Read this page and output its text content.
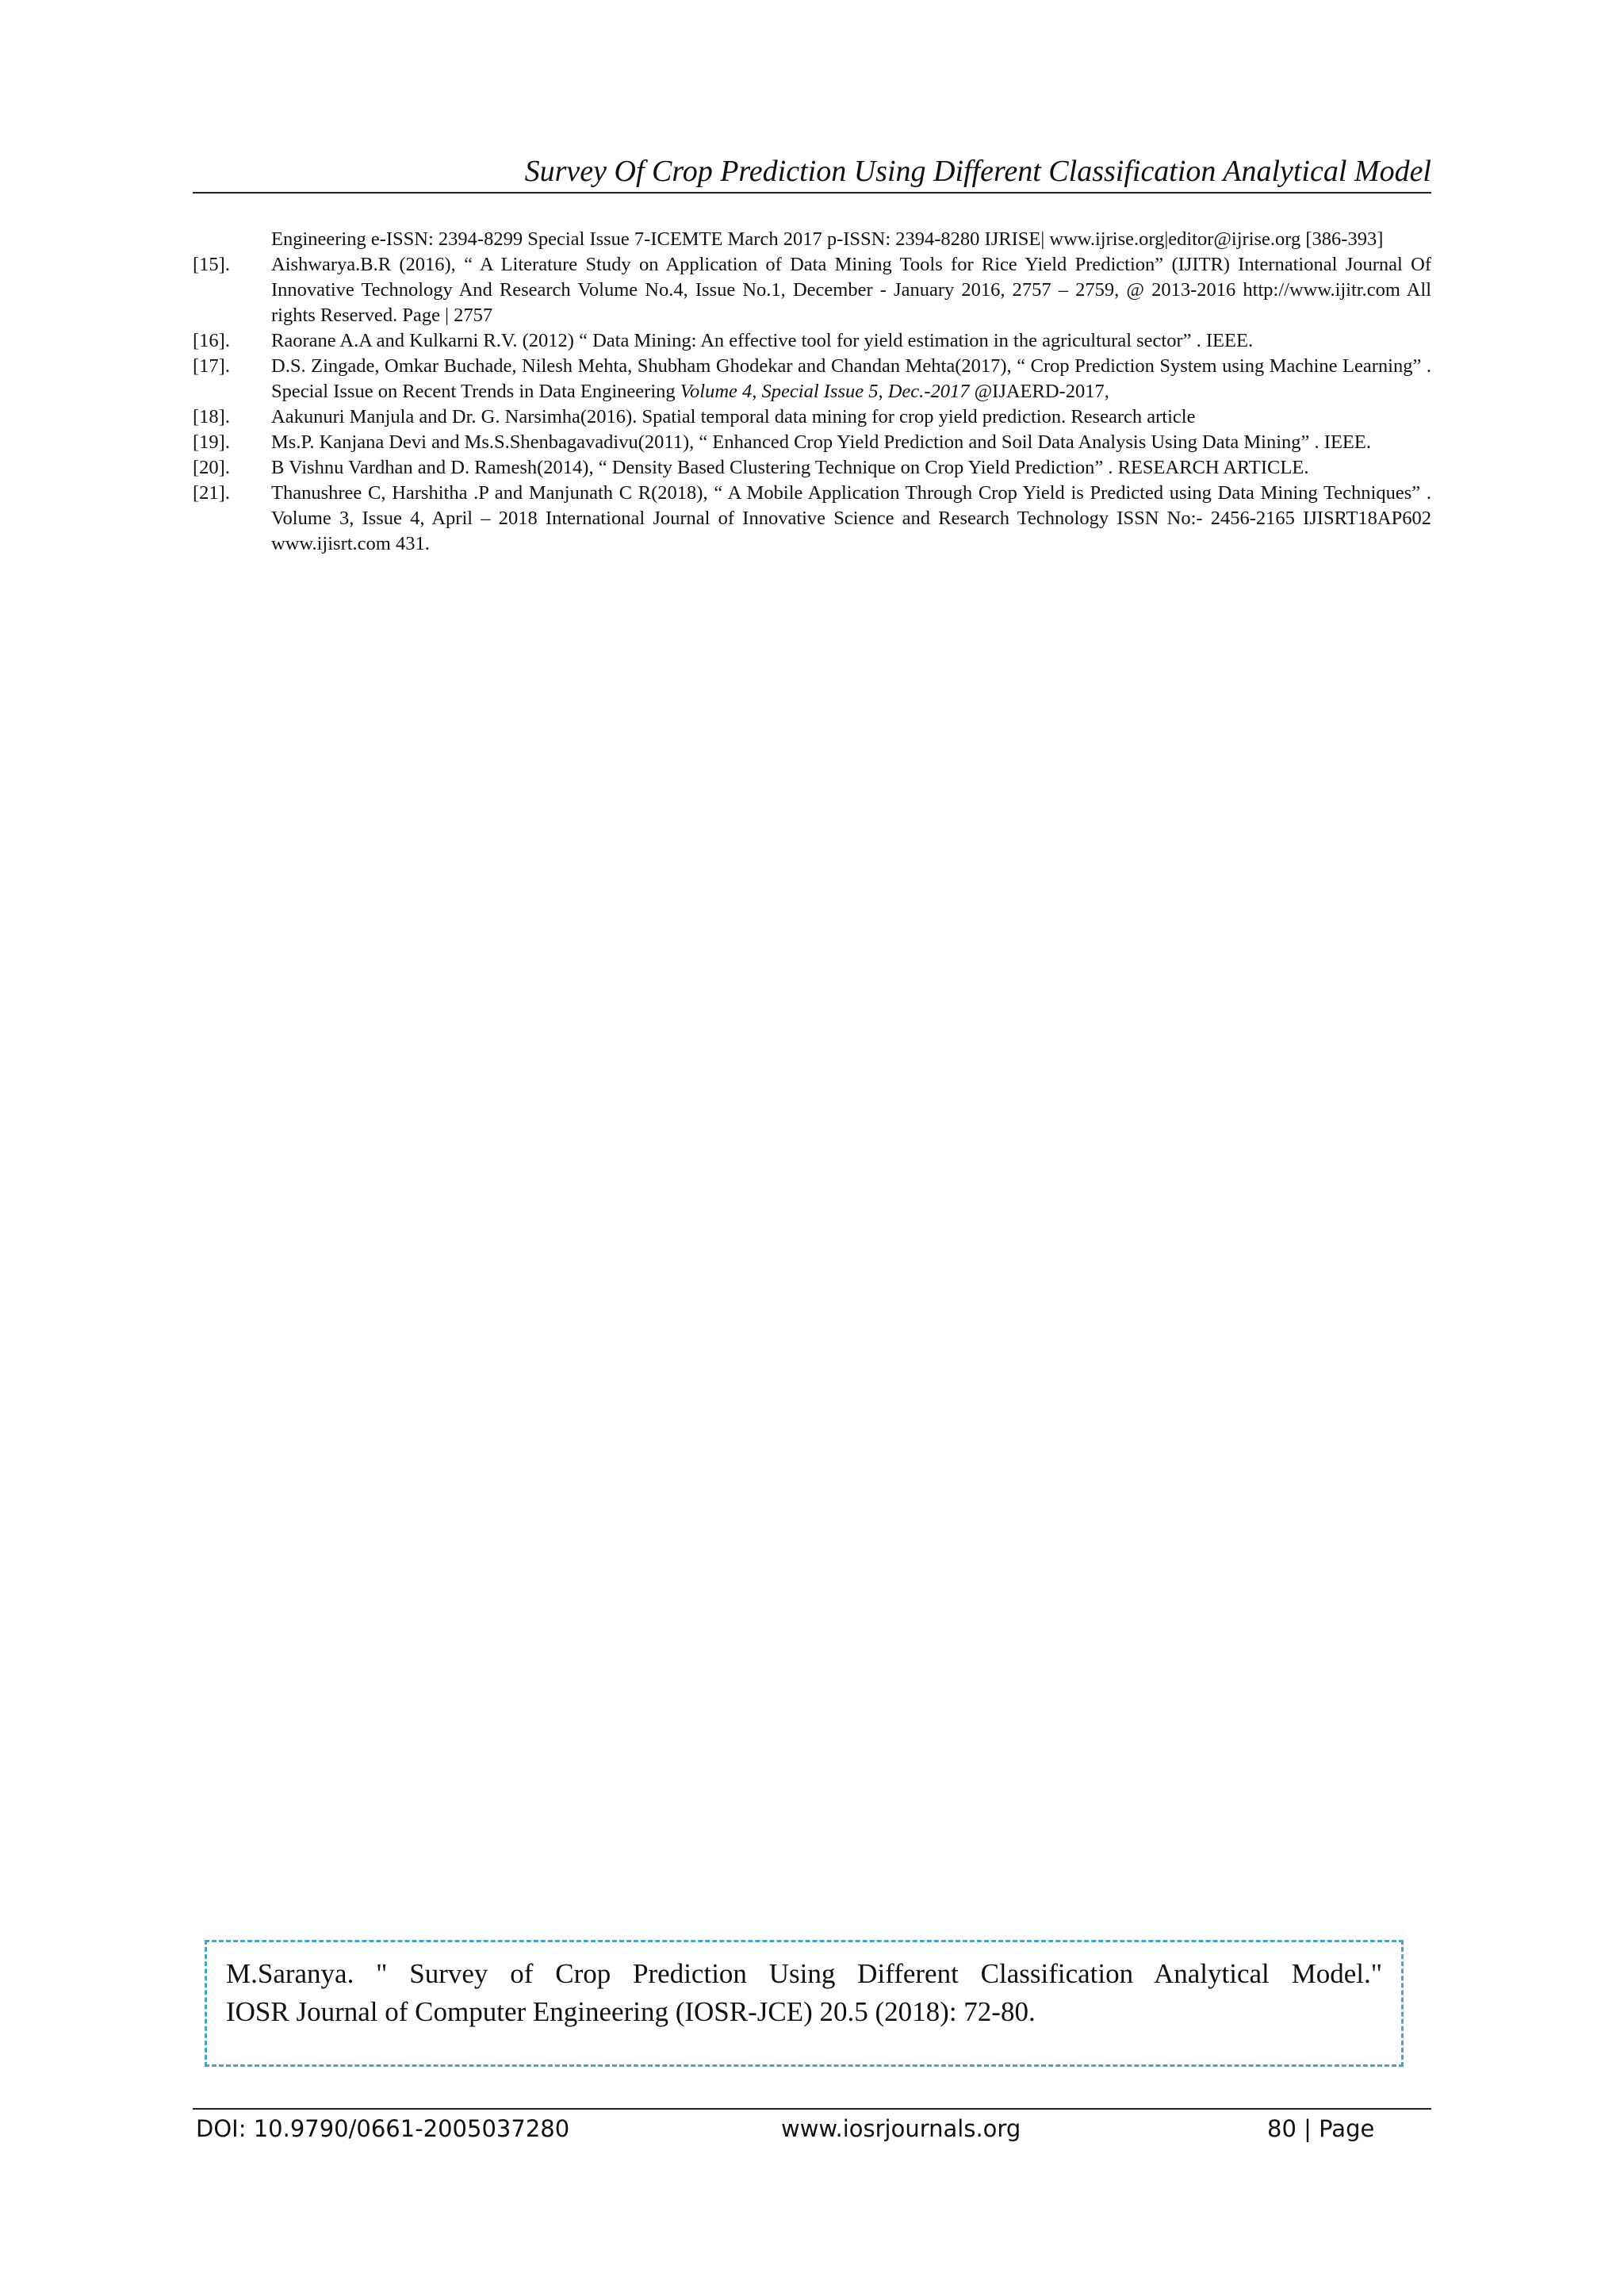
Survey Of Crop Prediction Using Different Classification Analytical Model
Engineering e-ISSN: 2394-8299 Special Issue 7-ICEMTE March 2017 p-ISSN: 2394-8280 IJRISE| www.ijrise.org|editor@ijrise.org [386-393]
[15]. Aishwarya.B.R (2016), “ A Literature Study on Application of Data Mining Tools for Rice Yield Prediction” (IJITR) International Journal Of Innovative Technology And Research Volume No.4, Issue No.1, December - January 2016, 2757 – 2759, @ 2013-2016 http://www.ijitr.com All rights Reserved. Page | 2757
[16]. Raorane A.A and Kulkarni R.V. (2012) “ Data Mining: An effective tool for yield estimation in the agricultural sector” . IEEE.
[17]. D.S. Zingade, Omkar Buchade, Nilesh Mehta, Shubham Ghodekar and Chandan Mehta(2017), “ Crop Prediction System using Machine Learning” . Special Issue on Recent Trends in Data Engineering Volume 4, Special Issue 5, Dec.-2017 @IJAERD-2017,
[18]. Aakunuri Manjula and Dr. G. Narsimha(2016). Spatial temporal data mining for crop yield prediction. Research article
[19]. Ms.P. Kanjana Devi and Ms.S.Shenbagavadivu(2011), “ Enhanced Crop Yield Prediction and Soil Data Analysis Using Data Mining” . IEEE.
[20]. B Vishnu Vardhan and D. Ramesh(2014), “ Density Based Clustering Technique on Crop Yield Prediction” . RESEARCH ARTICLE.
[21]. Thanushree C, Harshitha .P and Manjunath C R(2018), “ A Mobile Application Through Crop Yield is Predicted using Data Mining Techniques” . Volume 3, Issue 4, April – 2018 International Journal of Innovative Science and Research Technology ISSN No:- 2456-2165 IJISRT18AP602 www.ijisrt.com 431.
M.Saranya. " Survey of Crop Prediction Using Different Classification Analytical Model."
IOSR Journal of Computer Engineering (IOSR-JCE) 20.5 (2018): 72-80.
DOI: 10.9790/0661-2005037280	www.iosrjournals.org	80 | Page
